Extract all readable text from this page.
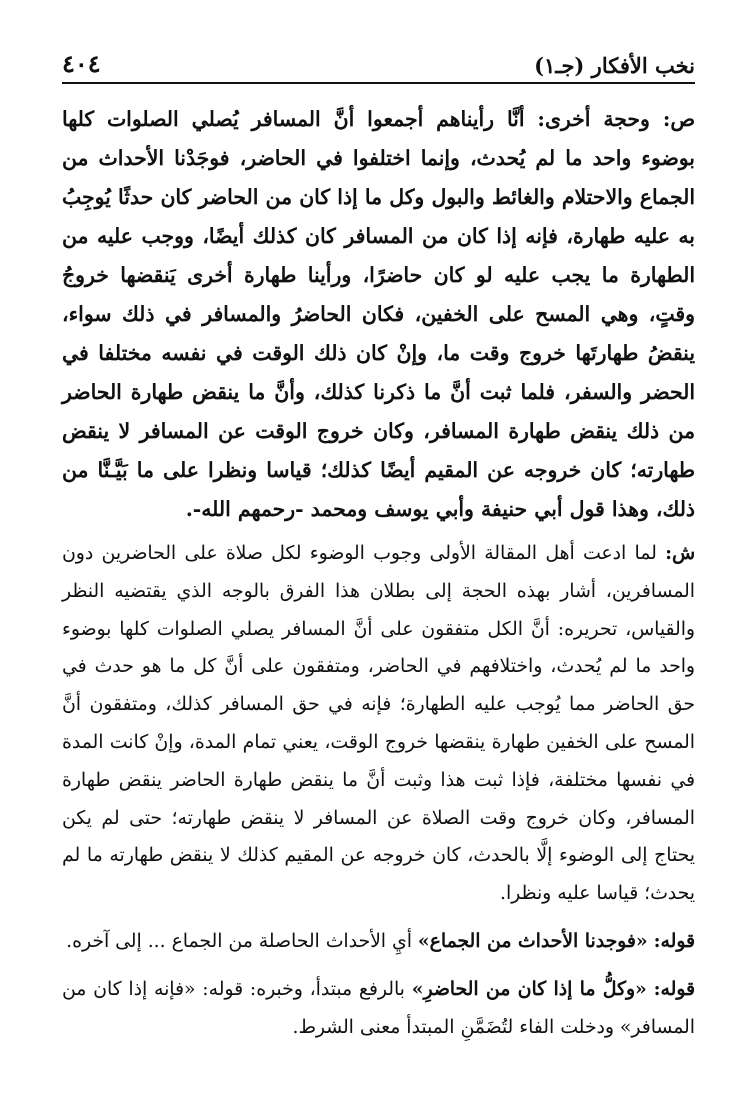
نخب الأفكار (جـ١)
٤٠٤

ص: وحجة أخرى: أنَّا رأيناهم أجمعوا أنَّ المسافر يُصلي الصلوات كلها بوضوء واحد ما لم يُحدث، وإنما اختلفوا في الحاضر، فوجَدْنا الأحداث من الجماع والاحتلام والغائط والبول وكل ما إذا كان من الحاضر كان حدثًا يُوجِبُ به عليه طهارة، فإنه إذا كان من المسافر كان كذلك أيضًا، ووجب عليه من الطهارة ما يجب عليه لو كان حاضرًا، ورأينا طهارة أخرى يَنقضها خروجُ وقتٍ، وهي المسح على الخفين، فكان الحاضرُ والمسافر في ذلك سواء، ينقضُ طهارتَها خروج وقت ما، وإنْ كان ذلك الوقت في نفسه مختلفا في الحضر والسفر، فلما ثبت أنَّ ما ذكرنا كذلك، وأنَّ ما ينقض طهارة الحاضر من ذلك ينقض طهارة المسافر، وكان خروج الوقت عن المسافر لا ينقض طهارته؛ كان خروجه عن المقيم أيضًا كذلك؛ قياسا ونظرا على ما بَيَّـنَّا من ذلك، وهذا قول أبي حنيفة وأبي يوسف ومحمد -رحمهم الله-.

ش: لما ادعت أهل المقالة الأولى وجوب الوضوء لكل صلاة على الحاضرين دون المسافرين، أشار بهذه الحجة إلى بطلان هذا الفرق بالوجه الذي يقتضيه النظر والقياس، تحريره: أنَّ الكل متفقون على أنَّ المسافر يصلي الصلوات كلها بوضوء واحد ما لم يُحدث، واختلافهم في الحاضر، ومتفقون على أنَّ كل ما هو حدث في حق الحاضر مما يُوجب عليه الطهارة؛ فإنه في حق المسافر كذلك، ومتفقون أنَّ المسح على الخفين طهارة ينقضها خروج الوقت، يعني تمام المدة، وإنْ كانت المدة في نفسها مختلفة، فإذا ثبت هذا وثبت أنَّ ما ينقض طهارة الحاضر ينقض طهارة المسافر، وكان خروج وقت الصلاة عن المسافر لا ينقض طهارته؛ حتى لم يكن يحتاج إلى الوضوء إلَّا بالحدث، كان خروجه عن المقيم كذلك لا ينقض طهارته ما لم يحدث؛ قياسا عليه ونظرا.

قوله: «فوجدنا الأحداث من الجماع» أيِ الأحداث الحاصلة من الجماع ... إلى آخره.

قوله: «وكلُّ ما إذا كان من الحاضرِ» بالرفع مبتدأ، وخبره: قوله: «فإنه إذا كان من المسافر» ودخلت الفاء لتُضَمَّنِ المبتدأ معنى الشرط.
